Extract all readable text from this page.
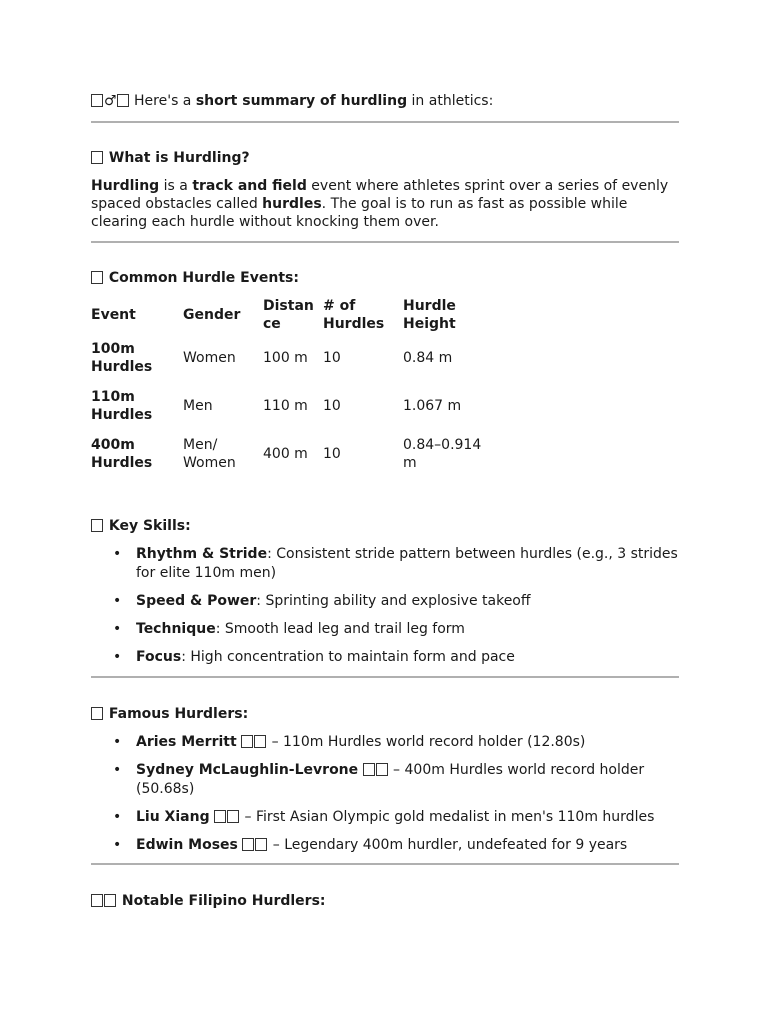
♂ Here's a short summary of hurdling in athletics:
What is Hurdling?
Hurdling is a track and field event where athletes sprint over a series of evenly spaced obstacles called hurdles. The goal is to run as fast as possible while clearing each hurdle without knocking them over.
Common Hurdle Events:
Event	Gender	Distan ce	# of Hurdles	Hurdle Height
100m Hurdles	Women	100 m	10	0.84 m
110m Hurdles	Men	110 m	10	1.067 m
400m Hurdles	Men/ Women	400 m	10	0.84–0.914 m
Key Skills:
• Rhythm & Stride: Consistent stride pattern between hurdles (e.g., 3 strides for elite 110m men)
• Speed & Power: Sprinting ability and explosive takeoff
• Technique: Smooth lead leg and trail leg form
• Focus: High concentration to maintain form and pace
Famous Hurdlers:
• Aries Merritt  – 110m Hurdles world record holder (12.80s)
• Sydney McLaughlin-Levrone  – 400m Hurdles world record holder (50.68s)
• Liu Xiang  – First Asian Olympic gold medalist in men's 110m hurdles
• Edwin Moses  – Legendary 400m hurdler, undefeated for 9 years
Notable Filipino Hurdlers:
